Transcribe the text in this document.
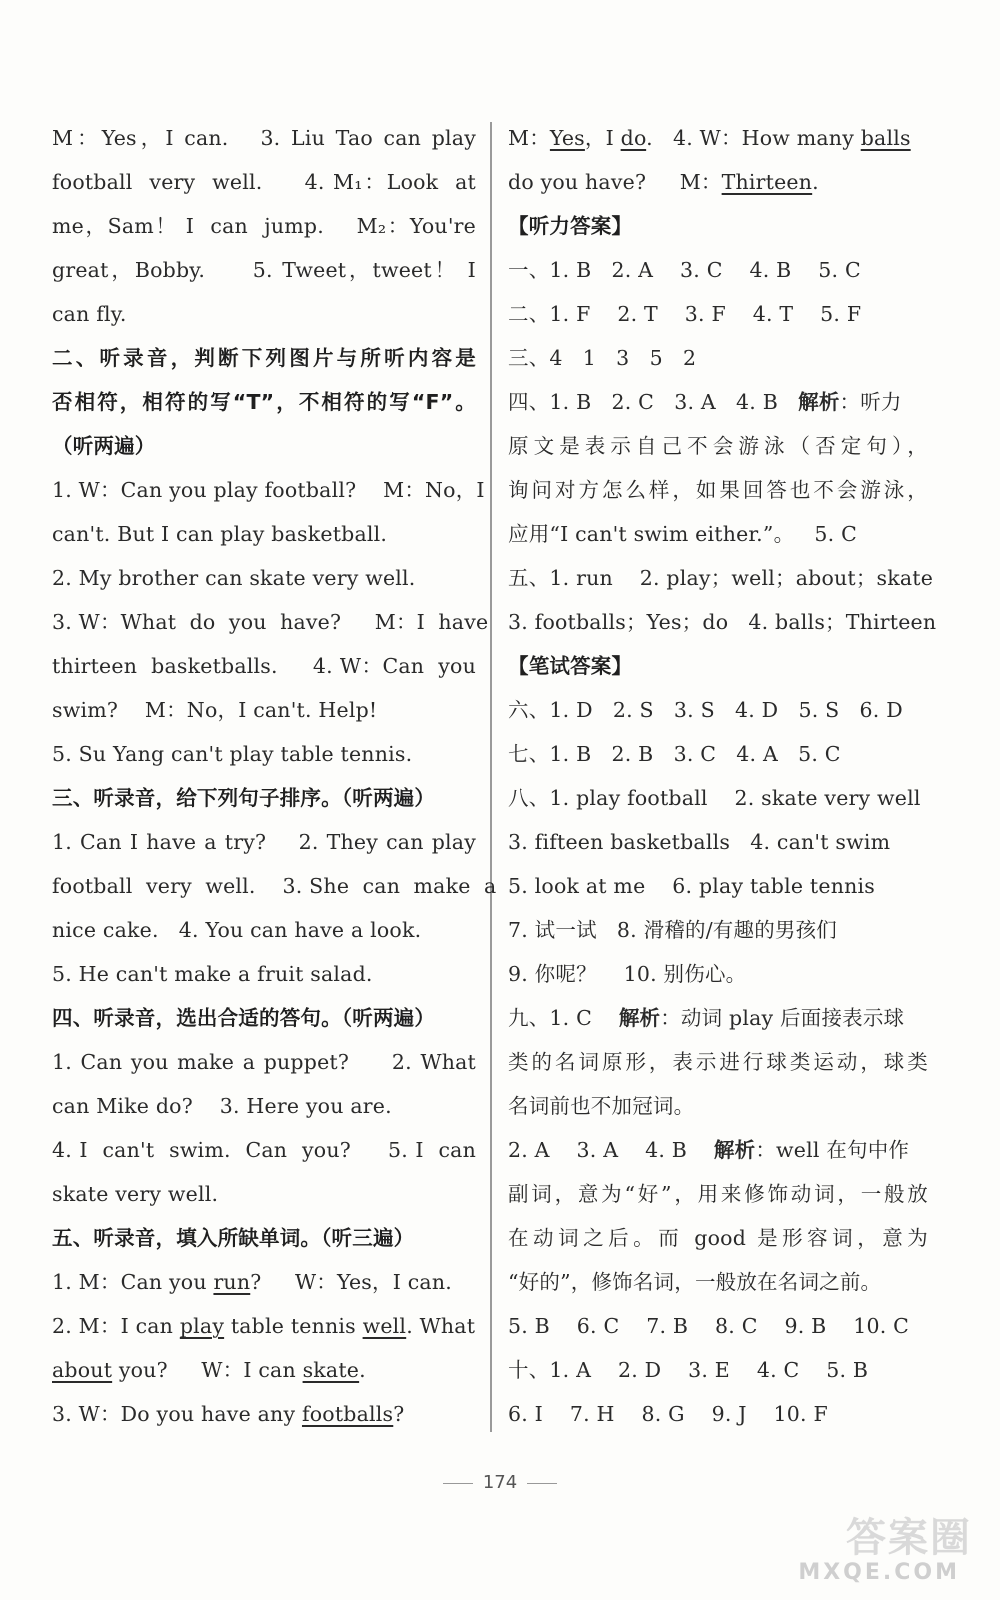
M：Yes，I can.   3. Liu Tao can play
football  very  well.     4. M₁：Look  at
me，Sam！ I  can  jump.    M₂：You're
great，Bobby.     5. Tweet，tweet！ I
can fly.
二、听录音，判断下列图片与所听内容是
否相符，相符的写“T”，不相符的写“F”。
（听两遍）
1. W：Can you play football?    M：No，I
can't. But I can play basketball.
2. My brother can skate very well.
3. W：What  do  you  have?     M：I  have
thirteen  basketballs.     4. W：Can  you
swim?    M：No，I can't. Help!
5. Su Yang can't play table tennis.
三、听录音，给下列句子排序。（听两遍）
1. Can I have a try?    2. They can play
football  very  well.    3. She  can  make  a
nice cake.   4. You can have a look.
5. He can't make a fruit salad.
四、听录音，选出合适的答句。（听两遍）
1. Can you make a puppet?     2. What
can Mike do?    3. Here you are.
4. I  can't  swim.  Can  you?     5. I  can
skate very well.
五、听录音，填入所缺单词。（听三遍）
1. M：Can you run?     W：Yes，I can.
2. M：I can play table tennis well. What
about you?     W：I can skate.
3. W：Do you have any footballs?
M：Yes，I do.   4. W：How many balls
do you have?     M：Thirteen.
【听力答案】
一、1. B   2. A    3. C    4. B    5. C
二、1. F    2. T    3. F    4. T    5. F
三、4   1   3   5   2
四、1. B   2. C   3. A   4. B   解析：听力
原文是表示自己不会游泳（否定句），
询问对方怎么样，如果回答也不会游泳，
应用“I can't swim either.”。   5. C
五、1. run    2. play；well；about；skate
3. footballs；Yes；do   4. balls；Thirteen
【笔试答案】
六、1. D   2. S   3. S   4. D   5. S   6. D
七、1. B   2. B   3. C   4. A   5. C
八、1. play football    2. skate very well
3. fifteen basketballs   4. can't swim
5. look at me    6. play table tennis
7. 试一试   8. 滑稽的/有趣的男孩们
9. 你呢？    10. 别伤心。
九、1. C    解析：动词 play 后面接表示球
类的名词原形，表示进行球类运动，球类
名词前也不加冠词。
2. A    3. A    4. B    解析：well 在句中作
副词，意为“好”，用来修饰动词，一般放
在动词之后。而 good 是形容词，意为
“好的”，修饰名词，一般放在名词之前。
5. B    6. C    7. B    8. C    9. B    10. C
十、1. A    2. D    3. E    4. C    5. B
6. I    7. H    8. G    9. J    10. F
174
答案圈
MXQE.COM
